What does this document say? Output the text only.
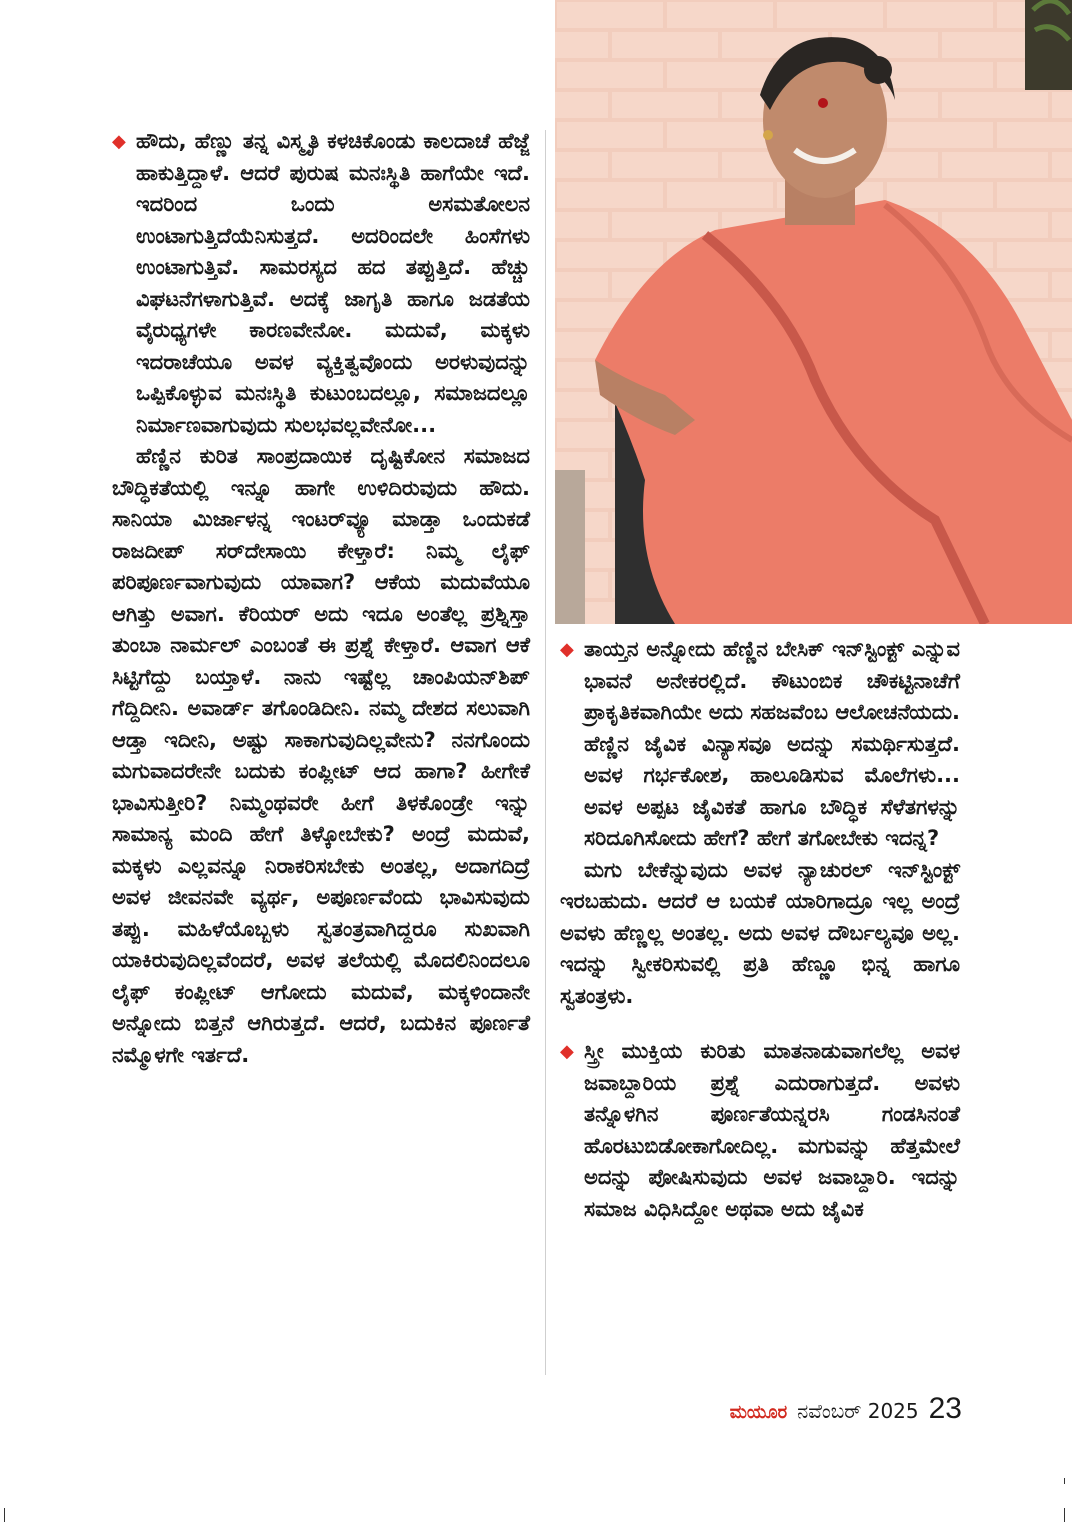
◆ ಹೌದು, ಹೆಣ್ಣು ತನ್ನ ವಿಸ್ಮೃತಿ ಕಳಚಿಕೊಂಡು ಕಾಲದಾಚೆ ಹೆಜ್ಜೆ ಹಾಕುತ್ತಿದ್ದಾಳೆ. ಆದರೆ ಪುರುಷ ಮನಃಸ್ಥಿತಿ ಹಾಗೆಯೇ ಇದೆ. ಇದರಿಂದ ಒಂದು ಅಸಮತೋಲನ ಉಂಟಾಗುತ್ತಿದೆಯೆನಿಸುತ್ತದೆ. ಅದರಿಂದಲೇ ಹಿಂಸೆಗಳು ಉಂಟಾಗುತ್ತಿವೆ. ಸಾಮರಸ್ಯದ ಹದ ತಪ್ಪುತ್ತಿದೆ. ಹೆಚ್ಚು ವಿಘಟನೆಗಳಾಗುತ್ತಿವೆ. ಅದಕ್ಕೆ ಜಾಗೃತಿ ಹಾಗೂ ಜಡತೆಯ ವೈರುಧ್ಯಗಳೇ ಕಾರಣವೇನೋ. ಮದುವೆ, ಮಕ್ಕಳು ಇದರಾಚೆಯೂ ಅವಳ ವ್ಯಕ್ತಿತ್ವವೊಂದು ಅರಳುವುದನ್ನು ಒಪ್ಪಿಕೊಳ್ಳುವ ಮನಃಸ್ಥಿತಿ ಕುಟುಂಬದಲ್ಲೂ, ಸಮಾಜದಲ್ಲೂ ನಿರ್ಮಾಣವಾಗುವುದು ಸುಲಭವಲ್ಲವೇನೋ...

ಹೆಣ್ಣಿನ ಕುರಿತ ಸಾಂಪ್ರದಾಯಿಕ ದೃಷ್ಟಿಕೋನ ಸಮಾಜದ ಬೌದ್ಧಿಕತೆಯಲ್ಲಿ ಇನ್ನೂ ಹಾಗೇ ಉಳಿದಿರುವುದು ಹೌದು. ಸಾನಿಯಾ ಮಿರ್ಜಾಳನ್ನ ಇಂಟರ್‌ವ್ಯೂ ಮಾಡ್ತಾ ಒಂದುಕಡೆ ರಾಜದೀಪ್ ಸರ್‌ದೇಸಾಯಿ ಕೇಳ್ತಾರೆ: ನಿಮ್ಮ ಲೈಫ್ ಪರಿಪೂರ್ಣವಾಗುವುದು ಯಾವಾಗ? ಆಕೆಯ ಮದುವೆಯೂ ಆಗಿತ್ತು ಅವಾಗ. ಕೆರಿಯರ್ ಅದು ಇದೂ ಅಂತೆಲ್ಲ ಪ್ರಶ್ನಿಸ್ತಾ ತುಂಬಾ ನಾರ್ಮಲ್ ಎಂಬಂತೆ ಈ ಪ್ರಶ್ನೆ ಕೇಳ್ತಾರೆ. ಆವಾಗ ಆಕೆ ಸಿಟ್ಟಿಗೆದ್ದು ಬಯ್ತಾಳೆ. ನಾನು ಇಷ್ಟೆಲ್ಲ ಚಾಂಪಿಯನ್‌ಶಿಪ್ ಗೆದ್ದಿದೀನಿ. ಅವಾರ್ಡ್ ತಗೊಂಡಿದೀನಿ. ನಮ್ಮ ದೇಶದ ಸಲುವಾಗಿ ಆಡ್ತಾ ಇದೀನಿ, ಅಷ್ಟು ಸಾಕಾಗುವುದಿಲ್ಲವೇನು? ನನಗೊಂದು ಮಗುವಾದರೇನೇ ಬದುಕು ಕಂಪ್ಲೀಟ್ ಆದ ಹಾಗಾ? ಹೀಗೇಕೆ ಭಾವಿಸುತ್ತೀರಿ? ನಿಮ್ಮಂಥವರೇ ಹೀಗೆ ತಿಳಕೊಂಡ್ರೇ ಇನ್ನು ಸಾಮಾನ್ಯ ಮಂದಿ ಹೇಗೆ ತಿಳ್ಕೋಬೇಕು? ಅಂದ್ರೆ ಮದುವೆ, ಮಕ್ಕಳು ಎಲ್ಲವನ್ನೂ ನಿರಾಕರಿಸಬೇಕು ಅಂತಲ್ಲ, ಅದಾಗದಿದ್ರೆ ಅವಳ ಜೀವನವೇ ವ್ಯರ್ಥ, ಅಪೂರ್ಣವೆಂದು ಭಾವಿಸುವುದು ತಪ್ಪು. ಮಹಿಳೆಯೊಬ್ಬಳು ಸ್ವತಂತ್ರವಾಗಿದ್ದರೂ ಸುಖವಾಗಿ ಯಾಕಿರುವುದಿಲ್ಲವೆಂದರೆ, ಅವಳ ತಲೆಯಲ್ಲಿ ಮೊದಲಿನಿಂದಲೂ ಲೈಫ್ ಕಂಪ್ಲೀಟ್ ಆಗೋದು ಮದುವೆ, ಮಕ್ಕಳಿಂದಾನೇ ಅನ್ನೋದು ಬಿತ್ತನೆ ಆಗಿರುತ್ತದೆ. ಆದರೆ, ಬದುಕಿನ ಪೂರ್ಣತೆ ನಮ್ಮೊಳಗೇ ಇರ್ತದೆ.

◆ ತಾಯ್ತನ ಅನ್ನೋದು ಹೆಣ್ಣಿನ ಬೇಸಿಕ್ ಇನ್‌ಸ್ಟಿಂಕ್ಟ್ ಎನ್ನುವ ಭಾವನೆ ಅನೇಕರಲ್ಲಿದೆ. ಕೌಟುಂಬಿಕ ಚೌಕಟ್ಟಿನಾಚೆಗೆ ಪ್ರಾಕೃತಿಕವಾಗಿಯೇ ಅದು ಸಹಜವೆಂಬ ಆಲೋಚನೆಯದು. ಹೆಣ್ಣಿನ ಜೈವಿಕ ವಿನ್ಯಾಸವೂ ಅದನ್ನು ಸಮರ್ಥಿಸುತ್ತದೆ. ಅವಳ ಗರ್ಭಕೋಶ, ಹಾಲೂಡಿಸುವ ಮೊಲೆಗಳು... ಅವಳ ಅಪ್ಪಟ ಜೈವಿಕತೆ ಹಾಗೂ ಬೌದ್ಧಿಕ ಸೆಳೆತಗಳನ್ನು ಸರಿದೂಗಿಸೋದು ಹೇಗೆ? ಹೇಗೆ ತಗೋಬೇಕು ಇದನ್ನ?

ಮಗು ಬೇಕೆನ್ನುವುದು ಅವಳ ನ್ಯಾಚುರಲ್ ಇನ್‌ಸ್ಟಿಂಕ್ಟ್ ಇರಬಹುದು. ಆದರೆ ಆ ಬಯಕೆ ಯಾರಿಗಾದ್ರೂ ಇಲ್ಲ ಅಂದ್ರೆ ಅವಳು ಹೆಣ್ಣಲ್ಲ ಅಂತಲ್ಲ. ಅದು ಅವಳ ದೌರ್ಬಲ್ಯವೂ ಅಲ್ಲ. ಇದನ್ನು ಸ್ವೀಕರಿಸುವಲ್ಲಿ ಪ್ರತಿ ಹೆಣ್ಣೂ ಭಿನ್ನ ಹಾಗೂ ಸ್ವತಂತ್ರಳು.

◆ ಸ್ತ್ರೀ ಮುಕ್ತಿಯ ಕುರಿತು ಮಾತನಾಡುವಾಗಲೆಲ್ಲ ಅವಳ ಜವಾಬ್ದಾರಿಯ ಪ್ರಶ್ನೆ ಎದುರಾಗುತ್ತದೆ. ಅವಳು ತನ್ನೊಳಗಿನ ಪೂರ್ಣತೆಯನ್ನರಸಿ ಗಂಡಸಿನಂತೆ ಹೊರಟುಬಿಡೋಕಾಗೋದಿಲ್ಲ. ಮಗುವನ್ನು ಹೆತ್ತಮೇಲೆ ಅದನ್ನು ಪೋಷಿಸುವುದು ಅವಳ ಜವಾಬ್ದಾರಿ. ಇದನ್ನು ಸಮಾಜ ವಿಧಿಸಿದ್ದೋ ಅಥವಾ ಅದು ಜೈವಿಕ

ಮಯೂರ ನವೆಂಬರ್ 2025 23
